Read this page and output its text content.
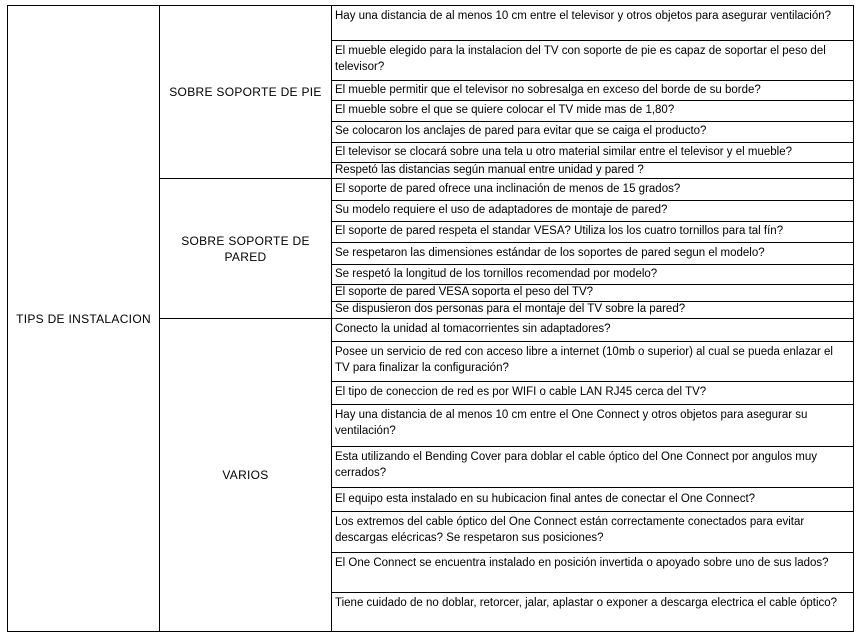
TIPS DE INSTALACION
SOBRE SOPORTE DE PIE
Hay una distancia de al menos 10 cm entre el televisor y otros objetos para asegurar ventilación?
El mueble elegido para la instalacion del TV con soporte de pie es capaz de soportar el peso del televisor?
El mueble permitir que el televisor no sobresalga en exceso del borde de su borde?
El mueble sobre el que se quiere colocar el TV mide mas de 1,80?
Se colocaron los anclajes de pared para evitar que se caiga el producto?
El televisor se clocará sobre una tela u otro material similar entre el televisor y el mueble?
Respetó las distancias según manual entre unidad y pared ?
SOBRE SOPORTE DE PARED
El soporte de pared ofrece una inclinación de menos de 15 grados?
Su modelo requiere el uso de adaptadores de montaje de pared?
El soporte de pared respeta el standar VESA? Utiliza los los cuatro tornillos para tal fín?
Se respetaron las dimensiones estándar de los soportes de pared segun el modelo?
Se respetó la longitud de los tornillos recomendad por modelo?
El soporte de pared VESA soporta el peso del TV?
Se dispusieron dos personas para el montaje del TV sobre la pared?
VARIOS
Conecto la unidad al tomacorrientes sin adaptadores?
Posee un servicio de red con acceso libre a internet (10mb o superior) al cual se pueda enlazar el TV para finalizar la configuración?
El tipo de coneccion de red es por WIFI o cable LAN RJ45 cerca del TV?
Hay una distancia de al menos 10 cm entre el One Connect y otros objetos para asegurar su ventilación?
Esta utilizando el Bending Cover para doblar el cable óptico del One Connect por angulos muy cerrados?
El equipo esta instalado en su hubicacion final antes de conectar el One Connect?
Los extremos del cable óptico del One Connect están correctamente conectados para evitar descargas elécricas? Se respetaron sus posiciones?
El One Connect se encuentra instalado en posición invertida o apoyado sobre uno de sus lados?
Tiene cuidado de no doblar, retorcer, jalar, aplastar o exponer a descarga electrica el cable óptico?
